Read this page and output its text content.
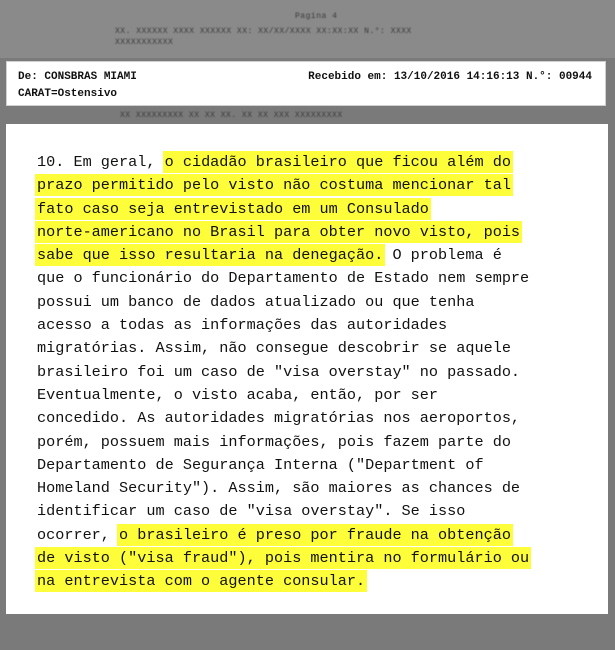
Pagina 4
XX. XXXXXX XXXX XXXXXX XX: XX/XX/XXXX XX:XX:XX N.°: XXXX
XXXXXXXXXXX
De: CONSBRAS MIAMI	Recebido em: 13/10/2016 14:16:13 N.°: 00944
CARAT=Ostensivo
XX XXXXXXXXX XX XX XX. XX XX XXX XXXXXXXXX
10. Em geral, o cidadão brasileiro que ficou além do
prazo permitido pelo visto não costuma mencionar tal
fato caso seja entrevistado em um Consulado
norte-americano no Brasil para obter novo visto, pois
sabe que isso resultaria na denegação. O problema é
que o funcionário do Departamento de Estado nem sempre
possui um banco de dados atualizado ou que tenha
acesso a todas as informações das autoridades
migratórias. Assim, não consegue descobrir se aquele
brasileiro foi um caso de "visa overstay" no passado.
Eventualmente, o visto acaba, então, por ser
concedido. As autoridades migratórias nos aeroportos,
porém, possuem mais informações, pois fazem parte do
Departamento de Segurança Interna ("Department of
Homeland Security"). Assim, são maiores as chances de
identificar um caso de "visa overstay". Se isso
ocorrer, o brasileiro é preso por fraude na obtenção
de visto ("visa fraud"), pois mentira no formulário ou
na entrevista com o agente consular.
